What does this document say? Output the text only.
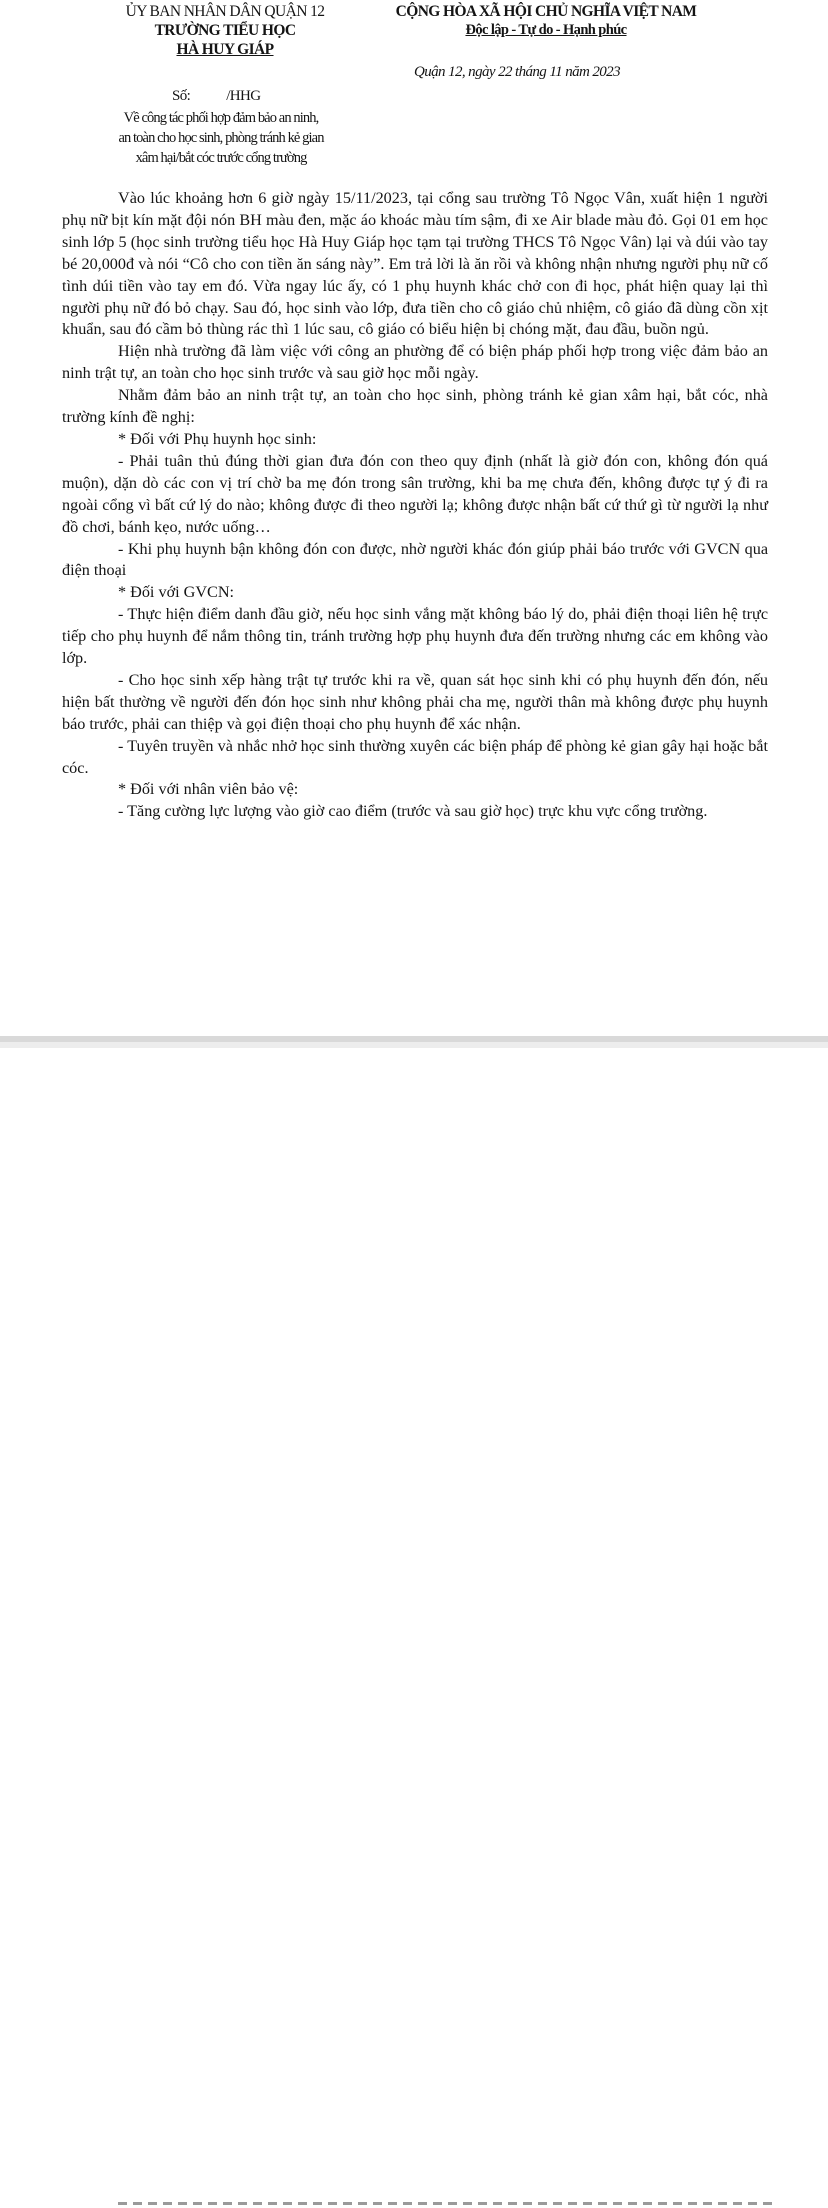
ỦY BAN NHÂN DÂN QUẬN 12
TRƯỜNG TIỂU HỌC
HÀ HUY GIÁP
CỘNG HÒA XÃ HỘI CHỦ NGHĨA VIỆT NAM
Độc lập - Tự do - Hạnh phúc
Quận 12, ngày 22 tháng 11 năm 2023
Số: /HHG
Về công tác phối hợp đảm bảo an ninh,
an toàn cho học sinh, phòng tránh kẻ gian
xâm hại/bắt cóc trước cổng trường

Vào lúc khoảng hơn 6 giờ ngày 15/11/2023, tại cổng sau trường Tô Ngọc Vân, xuất hiện 1 người phụ nữ bịt kín mặt đội nón BH màu đen, mặc áo khoác màu tím sậm, đi xe Air blade màu đỏ. Gọi 01 em học sinh lớp 5 (học sinh trường tiểu học Hà Huy Giáp học tạm tại trường THCS Tô Ngọc Vân) lại và dúi vào tay bé 20,000đ và nói “Cô cho con tiền ăn sáng này”. Em trả lời là ăn rồi và không nhận nhưng người phụ nữ cố tình dúi tiền vào tay em đó. Vừa ngay lúc ấy, có 1 phụ huynh khác chở con đi học, phát hiện quay lại thì người phụ nữ đó bỏ chạy. Sau đó, học sinh vào lớp, đưa tiền cho cô giáo chủ nhiệm, cô giáo đã dùng cồn xịt khuẩn, sau đó cầm bỏ thùng rác thì 1 lúc sau, cô giáo có biểu hiện bị chóng mặt, đau đầu, buồn ngủ.

Hiện nhà trường đã làm việc với công an phường để có biện pháp phối hợp trong việc đảm bảo an ninh trật tự, an toàn cho học sinh trước và sau giờ học mỗi ngày.

Nhằm đảm bảo an ninh trật tự, an toàn cho học sinh, phòng tránh kẻ gian xâm hại, bắt cóc, nhà trường kính đề nghị:

* Đối với Phụ huynh học sinh:

- Phải tuân thủ đúng thời gian đưa đón con theo quy định (nhất là giờ đón con, không đón quá muộn), dặn dò các con vị trí chờ ba mẹ đón trong sân trường, khi ba mẹ chưa đến, không được tự ý đi ra ngoài cổng vì bất cứ lý do nào; không được đi theo người lạ; không được nhận bất cứ thứ gì từ người lạ như đồ chơi, bánh kẹo, nước uống…

- Khi phụ huynh bận không đón con được, nhờ người khác đón giúp phải báo trước với GVCN qua điện thoại

* Đối với GVCN:

- Thực hiện điểm danh đầu giờ, nếu học sinh vắng mặt không báo lý do, phải điện thoại liên hệ trực tiếp cho phụ huynh để nắm thông tin, tránh trường hợp phụ huynh đưa đến trường nhưng các em không vào lớp.

- Cho học sinh xếp hàng trật tự trước khi ra về, quan sát học sinh khi có phụ huynh đến đón, nếu hiện bất thường về người đến đón học sinh như không phải cha mẹ, người thân mà không được phụ huynh báo trước, phải can thiệp và gọi điện thoại cho phụ huynh để xác nhận.

- Tuyên truyền và nhắc nhở học sinh thường xuyên các biện pháp để phòng kẻ gian gây hại hoặc bắt cóc.

* Đối với nhân viên bảo vệ:

- Tăng cường lực lượng vào giờ cao điểm (trước và sau giờ học) trực khu vực cổng trường.
